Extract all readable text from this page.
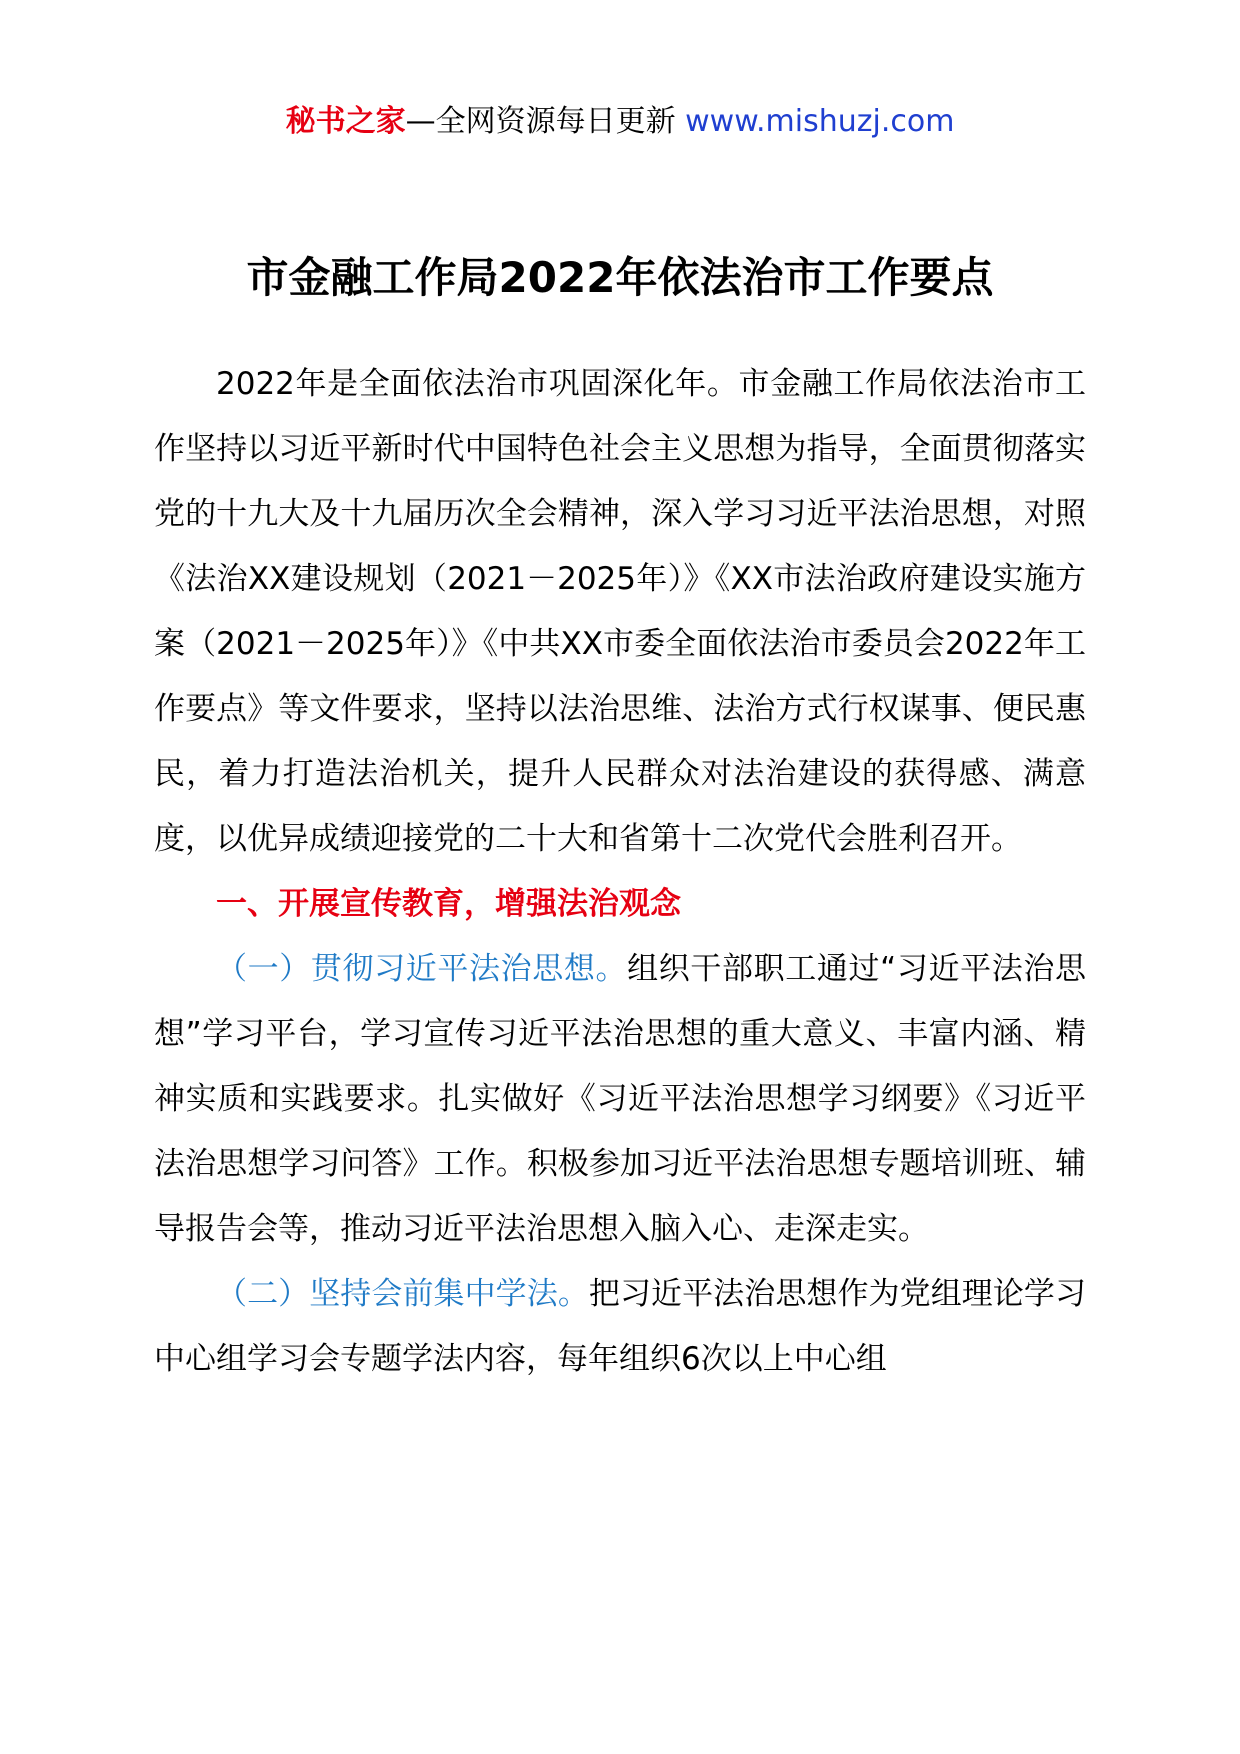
秘书之家—全网资源每日更新 www.mishuzj.com
市金融工作局2022年依法治市工作要点

2022年是全面依法治市巩固深化年。市金融工作局依法治市工作坚持以习近平新时代中国特色社会主义思想为指导，全面贯彻落实党的十九大及十九届历次全会精神，深入学习习近平法治思想，对照《法治XX建设规划（2021－2025年）》《XX市法治政府建设实施方案（2021－2025年）》《中共XX市委全面依法治市委员会2022年工作要点》等文件要求，坚持以法治思维、法治方式行权谋事、便民惠民，着力打造法治机关，提升人民群众对法治建设的获得感、满意度，以优异成绩迎接党的二十大和省第十二次党代会胜利召开。

一、开展宣传教育，增强法治观念

（一）贯彻习近平法治思想。组织干部职工通过“习近平法治思想”学习平台，学习宣传习近平法治思想的重大意义、丰富内涵、精神实质和实践要求。扎实做好《习近平法治思想学习纲要》《习近平法治思想学习问答》工作。积极参加习近平法治思想专题培训班、辅导报告会等，推动习近平法治思想入脑入心、走深走实。

（二）坚持会前集中学法。把习近平法治思想作为党组理论学习中心组学习会专题学法内容，每年组织6次以上中心组
